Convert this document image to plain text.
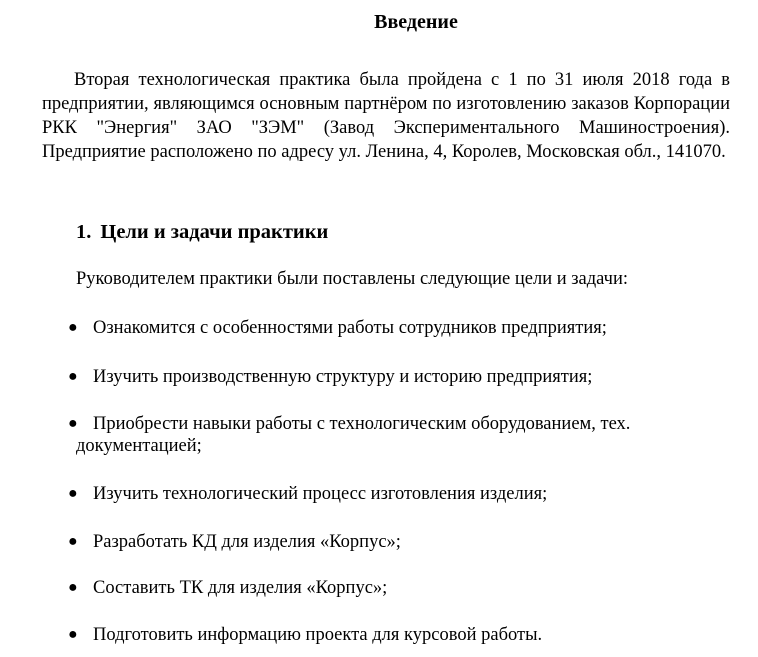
Введение

Вторая технологическая практика была пройдена с 1 по 31 июля 2018 года в предприятии, являющимся основным партнёром по изготовлению заказов Корпорации РКК "Энергия" ЗАО "ЗЭМ" (Завод Экспериментального Машиностроения). Предприятие расположено по адресу ул. Ленина, 4, Королев, Московская обл., 141070.

1. Цели и задачи практики

Руководителем практики были поставлены следующие цели и задачи:

● Ознакомится с особенностями работы сотрудников предприятия;
● Изучить производственную структуру и историю предприятия;
● Приобрести навыки работы с технологическим оборудованием, тех.
документацией;
● Изучить технологический процесс изготовления изделия;
● Разработать КД для изделия «Корпус»;
● Составить ТК для изделия «Корпус»;
● Подготовить информацию проекта для курсовой работы.
